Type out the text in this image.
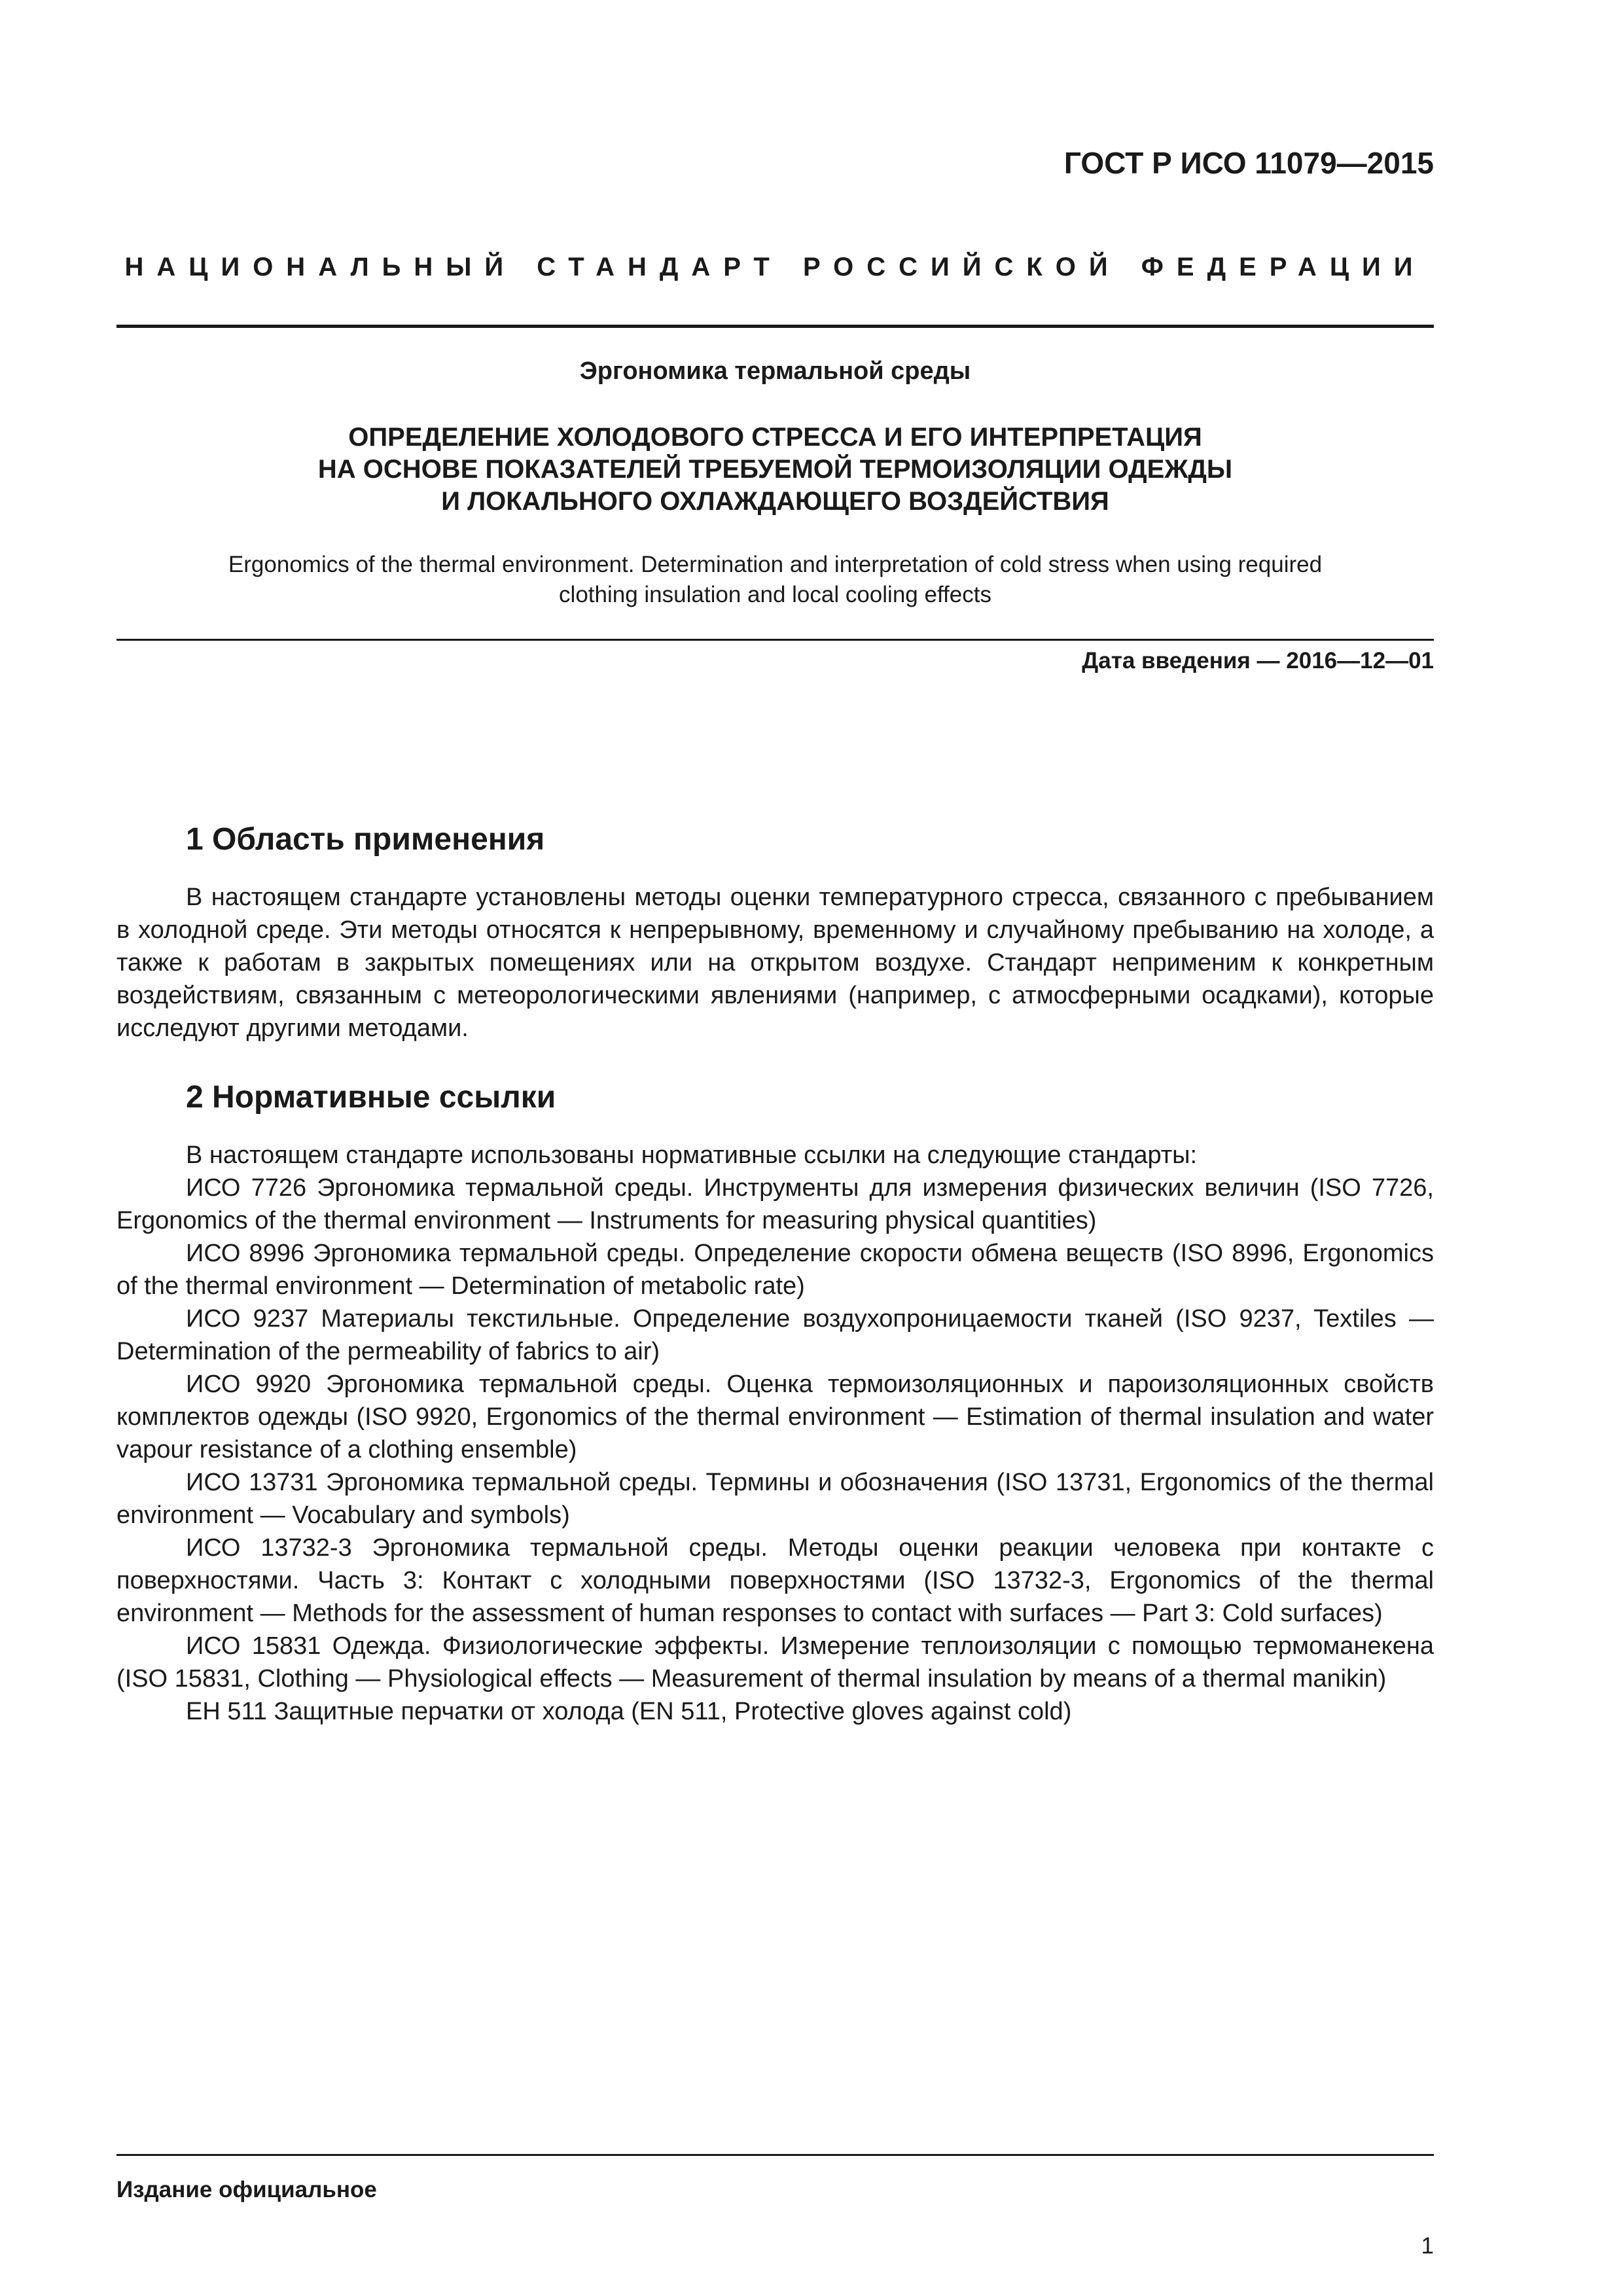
ГОСТ Р ИСО 11079—2015
НАЦИОНАЛЬНЫЙ СТАНДАРТ РОССИЙСКОЙ ФЕДЕРАЦИИ
Эргономика термальной среды
ОПРЕДЕЛЕНИЕ ХОЛОДОВОГО СТРЕССА И ЕГО ИНТЕРПРЕТАЦИЯ
НА ОСНОВЕ ПОКАЗАТЕЛЕЙ ТРЕБУЕМОЙ ТЕРМОИЗОЛЯЦИИ ОДЕЖДЫ
И ЛОКАЛЬНОГО ОХЛАЖДАЮЩЕГО ВОЗДЕЙСТВИЯ
Ergonomics of the thermal environment. Determination and interpretation of cold stress when using required
clothing insulation and local cooling effects
Дата введения — 2016—12—01
1 Область применения

В настоящем стандарте установлены методы оценки температурного стресса, связанного с пребыванием в холодной среде. Эти методы относятся к непрерывному, временному и случайному пребыванию на холоде, а также к работам в закрытых помещениях или на открытом воздухе. Стандарт неприменим к конкретным воздействиям, связанным с метеорологическими явлениями (например, с атмосферными осадками), которые исследуют другими методами.

2 Нормативные ссылки

В настоящем стандарте использованы нормативные ссылки на следующие стандарты:

ИСО 7726 Эргономика термальной среды. Инструменты для измерения физических величин (ISO 7726, Ergonomics of the thermal environment — Instruments for measuring physical quantities)

ИСО 8996 Эргономика термальной среды. Определение скорости обмена веществ (ISO 8996, Ergonomics of the thermal environment — Determination of metabolic rate)

ИСО 9237 Материалы текстильные. Определение воздухопроницаемости тканей (ISO 9237, Textiles — Determination of the permeability of fabrics to air)

ИСО 9920 Эргономика термальной среды. Оценка термоизоляционных и пароизоляционных свойств комплектов одежды (ISO 9920, Ergonomics of the thermal environment — Estimation of thermal insulation and water vapour resistance of a clothing ensemble)

ИСО 13731 Эргономика термальной среды. Термины и обозначения (ISO 13731, Ergonomics of the thermal environment — Vocabulary and symbols)

ИСО 13732-3 Эргономика термальной среды. Методы оценки реакции человека при контакте с поверхностями. Часть 3: Контакт с холодными поверхностями (ISO 13732-3, Ergonomics of the thermal environment — Methods for the assessment of human responses to contact with surfaces — Part 3: Cold surfaces)

ИСО 15831 Одежда. Физиологические эффекты. Измерение теплоизоляции с помощью термоманекена (ISO 15831, Clothing — Physiological effects — Measurement of thermal insulation by means of a thermal manikin)

ЕН 511 Защитные перчатки от холода (EN 511, Protective gloves against cold)

Издание официальное
1
